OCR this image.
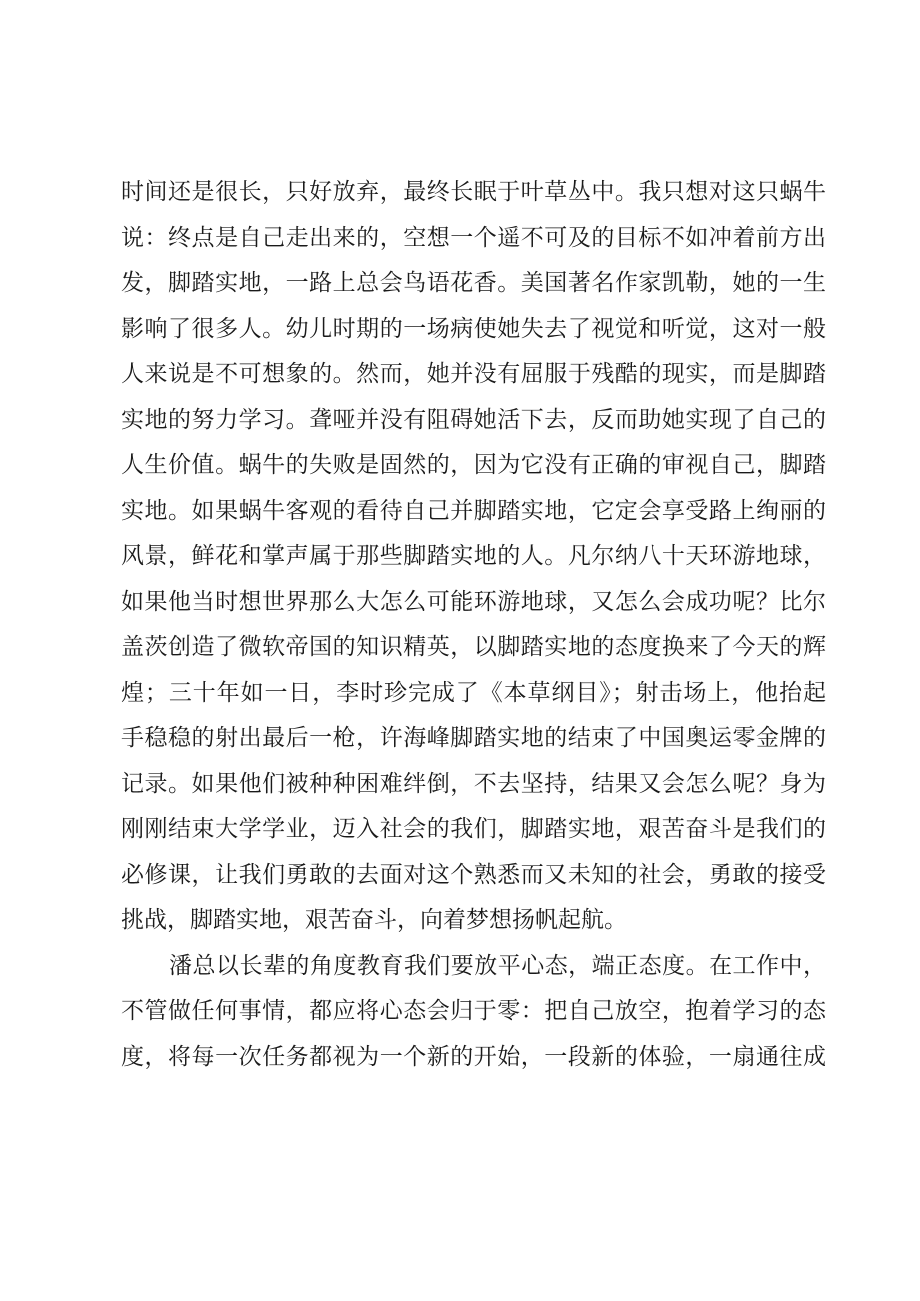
时间还是很长，只好放弃，最终长眠于叶草丛中。我只想对这只蜗牛
说：终点是自己走出来的，空想一个遥不可及的目标不如冲着前方出
发，脚踏实地，一路上总会鸟语花香。美国著名作家凯勒，她的一生
影响了很多人。幼儿时期的一场病使她失去了视觉和听觉，这对一般
人来说是不可想象的。然而，她并没有屈服于残酷的现实，而是脚踏
实地的努力学习。聋哑并没有阻碍她活下去，反而助她实现了自己的
人生价值。蜗牛的失败是固然的，因为它没有正确的审视自己，脚踏
实地。如果蜗牛客观的看待自己并脚踏实地，它定会享受路上绚丽的
风景，鲜花和掌声属于那些脚踏实地的人。凡尔纳八十天环游地球，
如果他当时想世界那么大怎么可能环游地球，又怎么会成功呢？比尔
盖茨创造了微软帝国的知识精英，以脚踏实地的态度换来了今天的辉
煌；三十年如一日，李时珍完成了《本草纲目》；射击场上，他抬起
手稳稳的射出最后一枪，许海峰脚踏实地的结束了中国奥运零金牌的
记录。如果他们被种种困难绊倒，不去坚持，结果又会怎么呢？身为
刚刚结束大学学业，迈入社会的我们，脚踏实地，艰苦奋斗是我们的
必修课，让我们勇敢的去面对这个熟悉而又未知的社会，勇敢的接受
挑战，脚踏实地，艰苦奋斗，向着梦想扬帆起航。
潘总以长辈的角度教育我们要放平心态，端正态度。在工作中，
不管做任何事情，都应将心态会归于零：把自己放空，抱着学习的态
度，将每一次任务都视为一个新的开始，一段新的体验，一扇通往成
